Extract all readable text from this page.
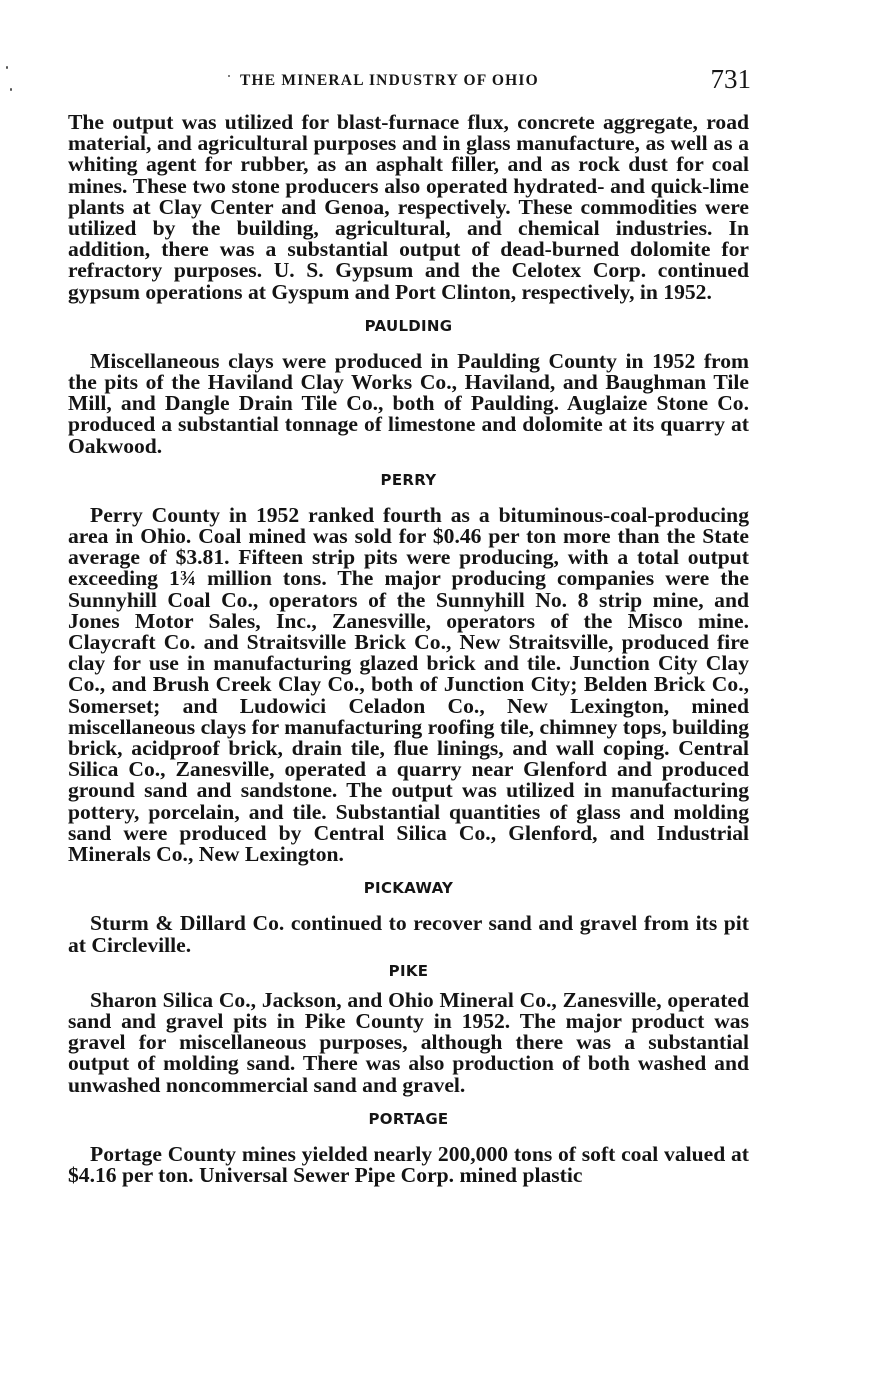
THE MINERAL INDUSTRY OF OHIO	731

The output was utilized for blast-furnace flux, concrete aggregate, road material, and agricultural purposes and in glass manufacture, as well as a whiting agent for rubber, as an asphalt filler, and as rock dust for coal mines. These two stone producers also operated hydrated- and quick-lime plants at Clay Center and Genoa, respectively. These commodities were utilized by the building, agricultural, and chemical industries. In addition, there was a substantial output of dead-burned dolomite for refractory purposes. U. S. Gypsum and the Celotex Corp. continued gypsum operations at Gyspum and Port Clinton, respectively, in 1952.

PAULDING

Miscellaneous clays were produced in Paulding County in 1952 from the pits of the Haviland Clay Works Co., Haviland, and Baughman Tile Mill, and Dangle Drain Tile Co., both of Paulding. Auglaize Stone Co. produced a substantial tonnage of limestone and dolomite at its quarry at Oakwood.

PERRY

Perry County in 1952 ranked fourth as a bituminous-coal-producing area in Ohio. Coal mined was sold for $0.46 per ton more than the State average of $3.81. Fifteen strip pits were producing, with a total output exceeding 1¾ million tons. The major producing companies were the Sunnyhill Coal Co., operators of the Sunnyhill No. 8 strip mine, and Jones Motor Sales, Inc., Zanesville, operators of the Misco mine. Claycraft Co. and Straitsville Brick Co., New Straitsville, produced fire clay for use in manufacturing glazed brick and tile. Junction City Clay Co., and Brush Creek Clay Co., both of Junction City; Belden Brick Co., Somerset; and Ludowici Celadon Co., New Lexington, mined miscellaneous clays for manufacturing roofing tile, chimney tops, building brick, acidproof brick, drain tile, flue linings, and wall coping. Central Silica Co., Zanesville, operated a quarry near Glenford and produced ground sand and sandstone. The output was utilized in manufacturing pottery, porcelain, and tile. Substantial quantities of glass and molding sand were produced by Central Silica Co., Glenford, and Industrial Minerals Co., New Lexington.

PICKAWAY

Sturm & Dillard Co. continued to recover sand and gravel from its pit at Circleville.

PIKE

Sharon Silica Co., Jackson, and Ohio Mineral Co., Zanesville, operated sand and gravel pits in Pike County in 1952. The major product was gravel for miscellaneous purposes, although there was a substantial output of molding sand. There was also production of both washed and unwashed noncommercial sand and gravel.

PORTAGE

Portage County mines yielded nearly 200,000 tons of soft coal valued at $4.16 per ton. Universal Sewer Pipe Corp. mined plastic
